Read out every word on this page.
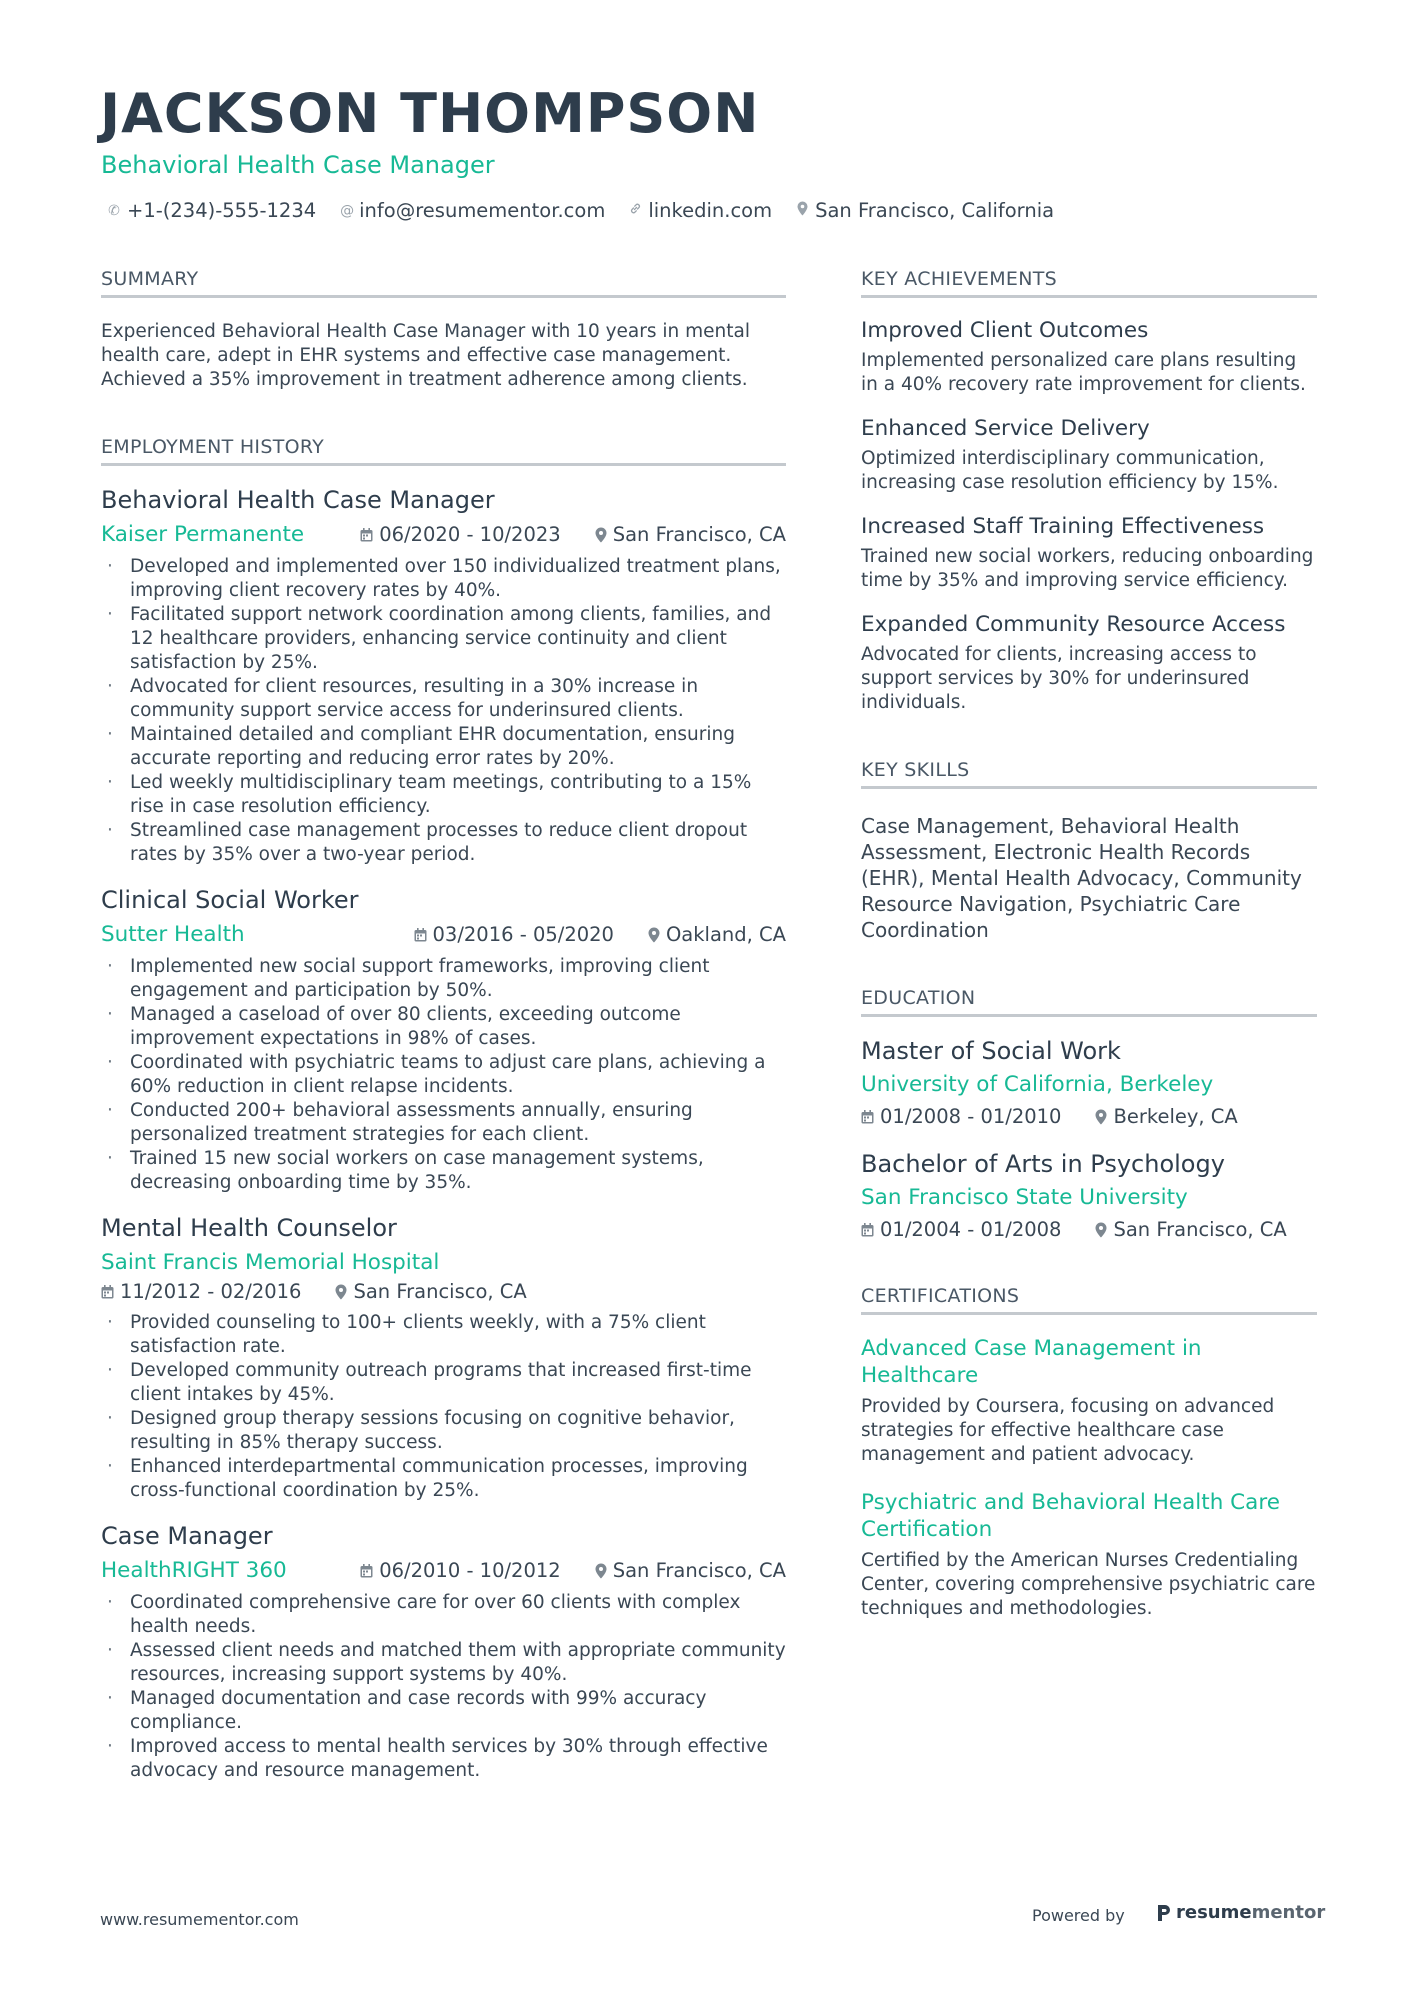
JACKSON THOMPSON
Behavioral Health Case Manager
✆ +1-(234)-555-1234 @ info@resumementor.com linkedin.com San Francisco, California
SUMMARY
Experienced Behavioral Health Case Manager with 10 years in mental health care, adept in EHR systems and effective case management. Achieved a 35% improvement in treatment adherence among clients.
EMPLOYMENT HISTORY
Behavioral Health Case Manager
Kaiser Permanente	06/2020 - 10/2023	San Francisco, CA
· Developed and implemented over 150 individualized treatment plans, improving client recovery rates by 40%.
· Facilitated support network coordination among clients, families, and 12 healthcare providers, enhancing service continuity and client satisfaction by 25%.
· Advocated for client resources, resulting in a 30% increase in community support service access for underinsured clients.
· Maintained detailed and compliant EHR documentation, ensuring accurate reporting and reducing error rates by 20%.
· Led weekly multidisciplinary team meetings, contributing to a 15% rise in case resolution efficiency.
· Streamlined case management processes to reduce client dropout rates by 35% over a two-year period.
Clinical Social Worker
Sutter Health	03/2016 - 05/2020	Oakland, CA
· Implemented new social support frameworks, improving client engagement and participation by 50%.
· Managed a caseload of over 80 clients, exceeding outcome improvement expectations in 98% of cases.
· Coordinated with psychiatric teams to adjust care plans, achieving a 60% reduction in client relapse incidents.
· Conducted 200+ behavioral assessments annually, ensuring personalized treatment strategies for each client.
· Trained 15 new social workers on case management systems, decreasing onboarding time by 35%.
Mental Health Counselor
Saint Francis Memorial Hospital
11/2012 - 02/2016	San Francisco, CA
· Provided counseling to 100+ clients weekly, with a 75% client satisfaction rate.
· Developed community outreach programs that increased first-time client intakes by 45%.
· Designed group therapy sessions focusing on cognitive behavior, resulting in 85% therapy success.
· Enhanced interdepartmental communication processes, improving cross-functional coordination by 25%.
Case Manager
HealthRIGHT 360	06/2010 - 10/2012	San Francisco, CA
· Coordinated comprehensive care for over 60 clients with complex health needs.
· Assessed client needs and matched them with appropriate community resources, increasing support systems by 40%.
· Managed documentation and case records with 99% accuracy compliance.
· Improved access to mental health services by 30% through effective advocacy and resource management.
KEY ACHIEVEMENTS
Improved Client Outcomes
Implemented personalized care plans resulting in a 40% recovery rate improvement for clients.
Enhanced Service Delivery
Optimized interdisciplinary communication, increasing case resolution efficiency by 15%.
Increased Staff Training Effectiveness
Trained new social workers, reducing onboarding time by 35% and improving service efficiency.
Expanded Community Resource Access
Advocated for clients, increasing access to support services by 30% for underinsured individuals.
KEY SKILLS
Case Management, Behavioral Health Assessment, Electronic Health Records (EHR), Mental Health Advocacy, Community Resource Navigation, Psychiatric Care Coordination
EDUCATION
Master of Social Work
University of California, Berkeley
01/2008 - 01/2010	Berkeley, CA
Bachelor of Arts in Psychology
San Francisco State University
01/2004 - 01/2008	San Francisco, CA
CERTIFICATIONS
Advanced Case Management in Healthcare
Provided by Coursera, focusing on advanced strategies for effective healthcare case management and patient advocacy.
Psychiatric and Behavioral Health Care Certification
Certified by the American Nurses Credentialing Center, covering comprehensive psychiatric care techniques and methodologies.
www.resumementor.com	Powered by	resumementor
